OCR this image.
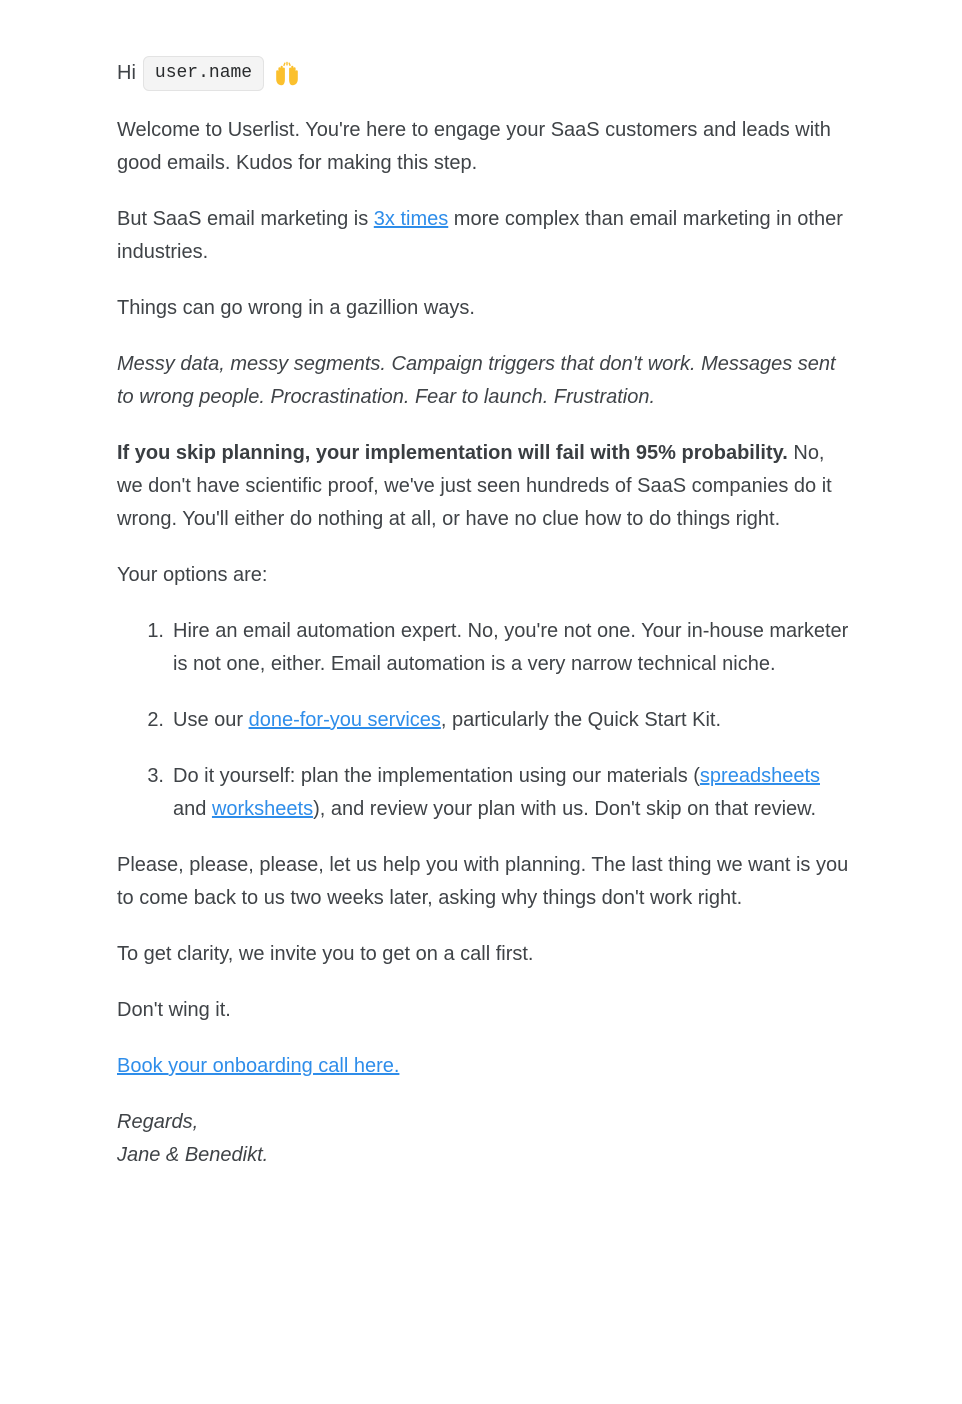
Hi	user.name

Welcome to Userlist. You're here to engage your SaaS customers and leads with good emails. Kudos for making this step.

But SaaS email marketing is 3x times more complex than email marketing in other industries.

Things can go wrong in a gazillion ways.

Messy data, messy segments. Campaign triggers that don't work. Messages sent to wrong people. Procrastination. Fear to launch. Frustration.

If you skip planning, your implementation will fail with 95% probability. No, we don't have scientific proof, we've just seen hundreds of SaaS companies do it wrong. You'll either do nothing at all, or have no clue how to do things right.

Your options are:

1. Hire an email automation expert. No, you're not one. Your in-house marketer is not one, either. Email automation is a very narrow technical niche.
2. Use our done-for-you services, particularly the Quick Start Kit.
3. Do it yourself: plan the implementation using our materials (spreadsheets and worksheets), and review your plan with us. Don't skip on that review.

Please, please, please, let us help you with planning. The last thing we want is you to come back to us two weeks later, asking why things don't work right.

To get clarity, we invite you to get on a call first.

Don't wing it.

Book your onboarding call here.

Regards,
Jane & Benedikt.
